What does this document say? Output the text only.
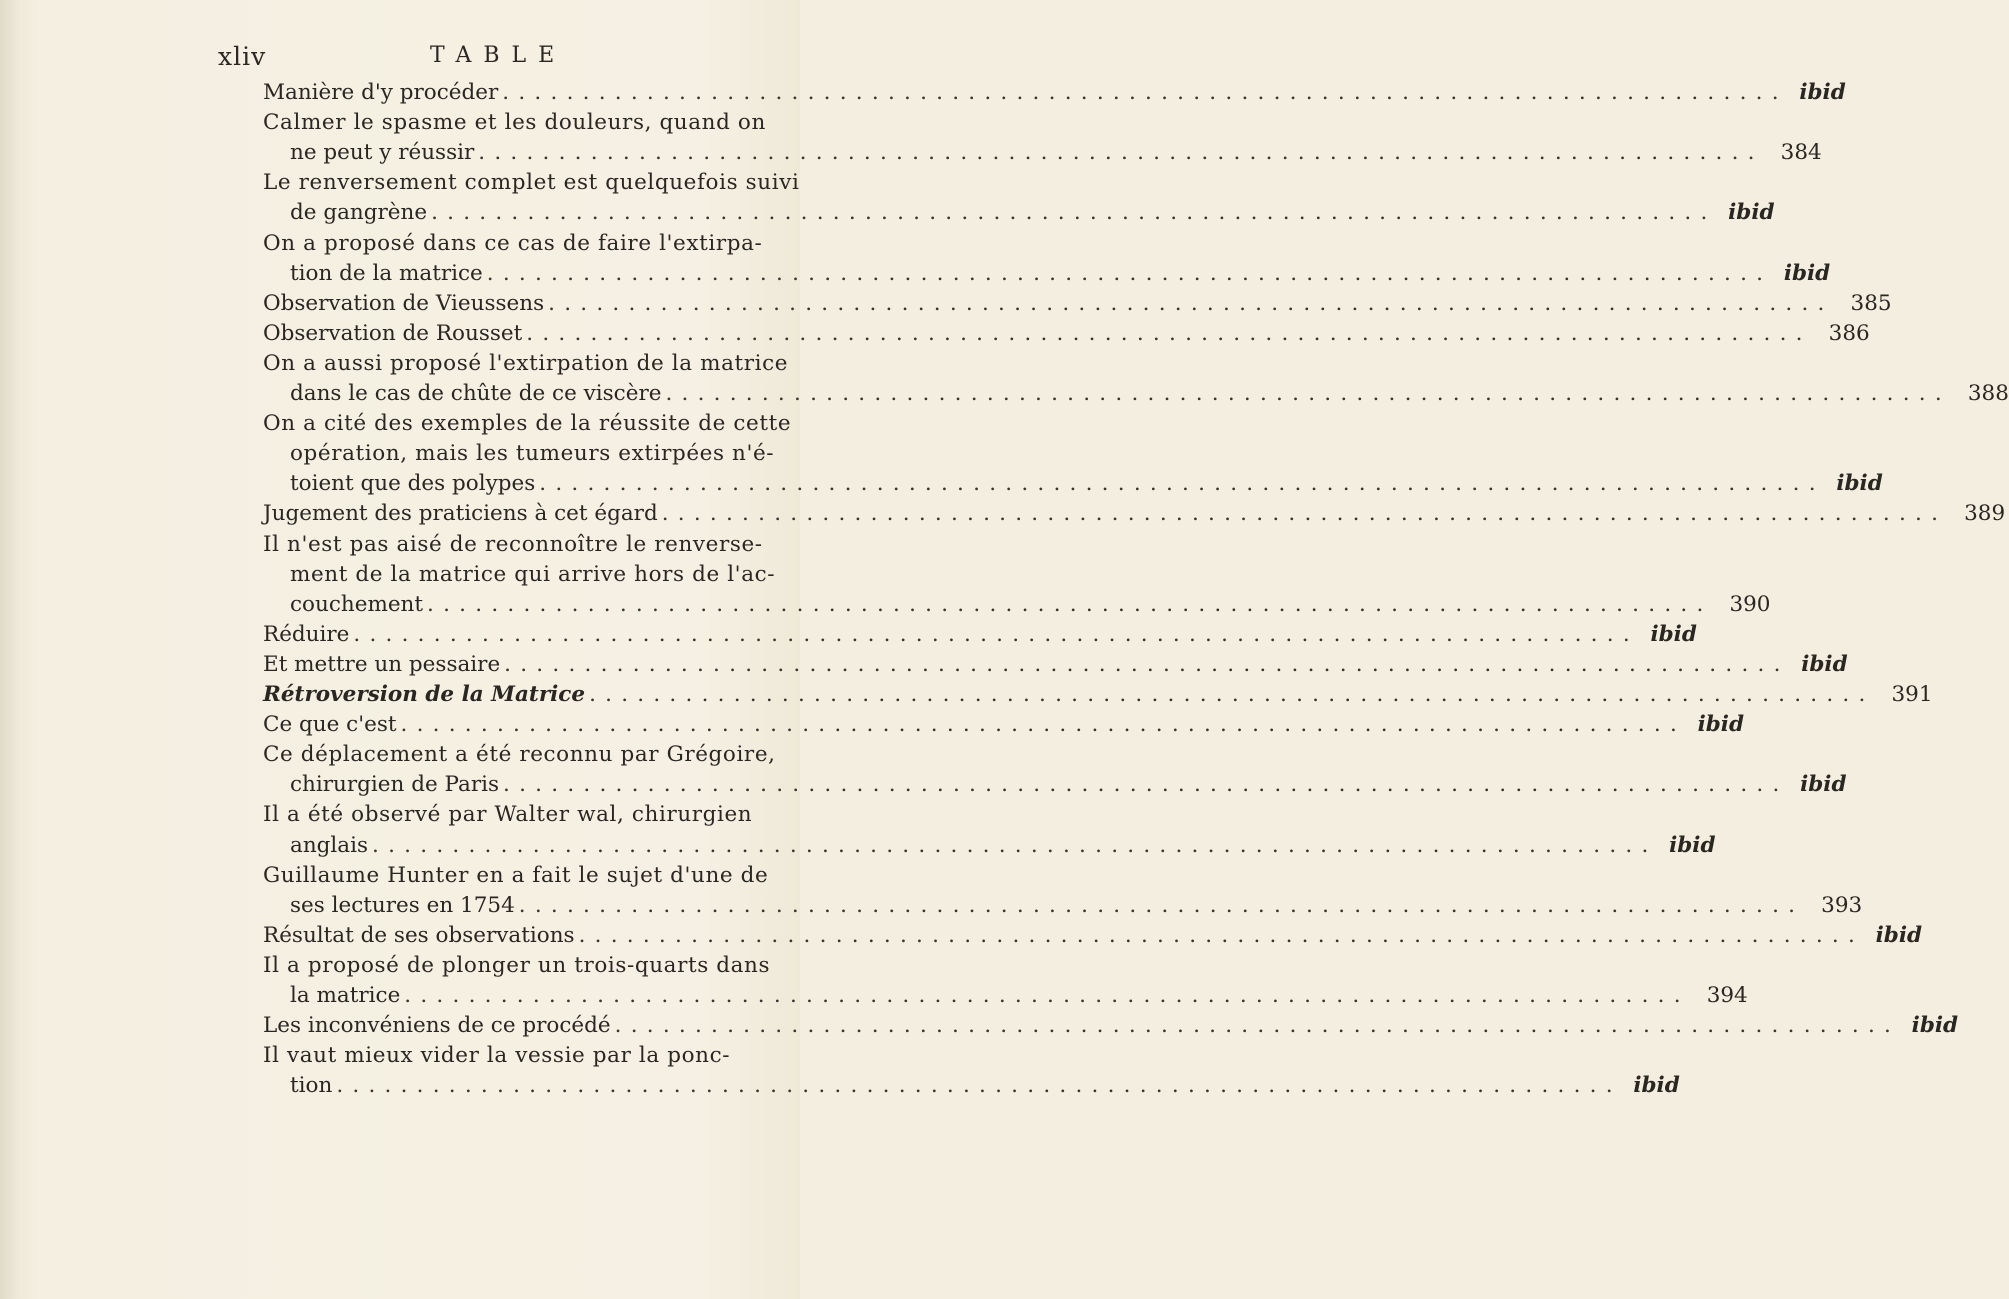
xliv	TABLE
Manière d'y procéder . . . . . . . . . . . . . . . . . . . . . . . . . . . . . . . . . . . . . . . . . . . . . . . . . . . . . . . . . . . . . . . . . . . . . . . . . . . . . . . . ibid
Calmer le spasme et les douleurs, quand on
ne peut y réussir . . . . . . . . . . . . . . . . . . . . . . . . . . . . . . . . . . . . . . . . . . . . . . . . . . . . . . . . . . . . . . . . . . . . . . . . . . . . . . . .	384
Le renversement complet est quelquefois suivi
de gangrène . . . . . . . . . . . . . . . . . . . . . . . . . . . . . . . . . . . . . . . . . . . . . . . . . . . . . . . . . . . . . . . . . . . . . . . . . . . . . . . . ibid
On a proposé dans ce cas de faire l'extirpa-
tion de la matrice . . . . . . . . . . . . . . . . . . . . . . . . . . . . . . . . . . . . . . . . . . . . . . . . . . . . . . . . . . . . . . . . . . . . . . . . . . . . . . . . ibid
Observation de Vieussens . . . . . . . . . . . . . . . . . . . . . . . . . . . . . . . . . . . . . . . . . . . . . . . . . . . . . . . . . . . . . . . . . . . . . . . . . . . . . . . .	385
Observation de Rousset . . . . . . . . . . . . . . . . . . . . . . . . . . . . . . . . . . . . . . . . . . . . . . . . . . . . . . . . . . . . . . . . . . . . . . . . . . . . . . . .	386
On a aussi proposé l'extirpation de la matrice
dans le cas de chûte de ce viscère . . . . . . . . . . . . . . . . . . . . . . . . . . . . . . . . . . . . . . . . . . . . . . . . . . . . . . . . . . . . . . . . . . . . . . . . . . . . . . . .	388
On a cité des exemples de la réussite de cette
opération, mais les tumeurs extirpées n'é-
toient que des polypes . . . . . . . . . . . . . . . . . . . . . . . . . . . . . . . . . . . . . . . . . . . . . . . . . . . . . . . . . . . . . . . . . . . . . . . . . . . . . . . . ibid
Jugement des praticiens à cet égard . . . . . . . . . . . . . . . . . . . . . . . . . . . . . . . . . . . . . . . . . . . . . . . . . . . . . . . . . . . . . . . . . . . . . . . . . . . . . . . .	389
Il n'est pas aisé de reconnoître le renverse-
ment de la matrice qui arrive hors de l'ac-
couchement . . . . . . . . . . . . . . . . . . . . . . . . . . . . . . . . . . . . . . . . . . . . . . . . . . . . . . . . . . . . . . . . . . . . . . . . . . . . . . . .	390
Réduire . . . . . . . . . . . . . . . . . . . . . . . . . . . . . . . . . . . . . . . . . . . . . . . . . . . . . . . . . . . . . . . . . . . . . . . . . . . . . . . . ibid
Et mettre un pessaire . . . . . . . . . . . . . . . . . . . . . . . . . . . . . . . . . . . . . . . . . . . . . . . . . . . . . . . . . . . . . . . . . . . . . . . . . . . . . . . . ibid
Rétroversion de la Matrice . . . . . . . . . . . . . . . . . . . . . . . . . . . . . . . . . . . . . . . . . . . . . . . . . . . . . . . . . . . . . . . . . . . . . . . . . . . . . . . .	391
Ce que c'est . . . . . . . . . . . . . . . . . . . . . . . . . . . . . . . . . . . . . . . . . . . . . . . . . . . . . . . . . . . . . . . . . . . . . . . . . . . . . . . . ibid
Ce déplacement a été reconnu par Grégoire,
chirurgien de Paris . . . . . . . . . . . . . . . . . . . . . . . . . . . . . . . . . . . . . . . . . . . . . . . . . . . . . . . . . . . . . . . . . . . . . . . . . . . . . . . . ibid
Il a été observé par Walter wal, chirurgien
anglais . . . . . . . . . . . . . . . . . . . . . . . . . . . . . . . . . . . . . . . . . . . . . . . . . . . . . . . . . . . . . . . . . . . . . . . . . . . . . . . . ibid
Guillaume Hunter en a fait le sujet d'une de
ses lectures en 1754 . . . . . . . . . . . . . . . . . . . . . . . . . . . . . . . . . . . . . . . . . . . . . . . . . . . . . . . . . . . . . . . . . . . . . . . . . . . . . . . .	393
Résultat de ses observations . . . . . . . . . . . . . . . . . . . . . . . . . . . . . . . . . . . . . . . . . . . . . . . . . . . . . . . . . . . . . . . . . . . . . . . . . . . . . . . . ibid
Il a proposé de plonger un trois-quarts dans
la matrice . . . . . . . . . . . . . . . . . . . . . . . . . . . . . . . . . . . . . . . . . . . . . . . . . . . . . . . . . . . . . . . . . . . . . . . . . . . . . . . .	394
Les inconvéniens de ce procédé . . . . . . . . . . . . . . . . . . . . . . . . . . . . . . . . . . . . . . . . . . . . . . . . . . . . . . . . . . . . . . . . . . . . . . . . . . . . . . . . ibid
Il vaut mieux vider la vessie par la ponc-
tion . . . . . . . . . . . . . . . . . . . . . . . . . . . . . . . . . . . . . . . . . . . . . . . . . . . . . . . . . . . . . . . . . . . . . . . . . . . . . . . . ibid
